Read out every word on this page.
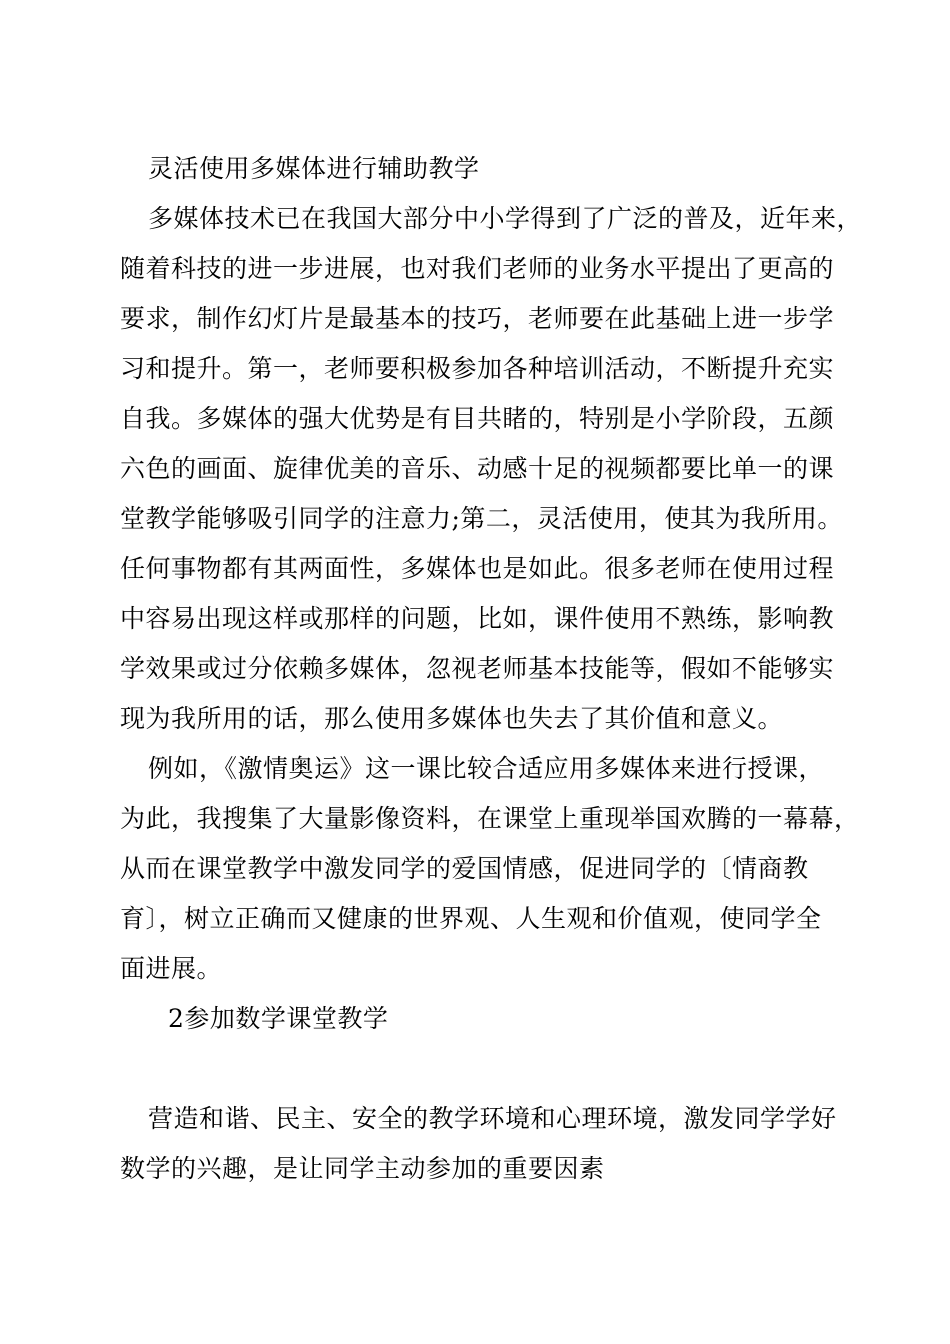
灵活使用多媒体进行辅助教学
多媒体技术已在我国大部分中小学得到了广泛的普及，近年来，
随着科技的进一步进展，也对我们老师的业务水平提出了更高的
要求，制作幻灯片是最基本的技巧，老师要在此基础上进一步学
习和提升。第一，老师要积极参加各种培训活动，不断提升充实
自我。多媒体的强大优势是有目共睹的，特别是小学阶段，五颜
六色的画面、旋律优美的音乐、动感十足的视频都要比单一的课
堂教学能够吸引同学的注意力;第二，灵活使用，使其为我所用。
任何事物都有其两面性，多媒体也是如此。很多老师在使用过程
中容易出现这样或那样的问题，比如，课件使用不熟练，影响教
学效果或过分依赖多媒体，忽视老师基本技能等，假如不能够实
现为我所用的话，那么使用多媒体也失去了其价值和意义。
例如，《激情奥运》这一课比较合适应用多媒体来进行授课，
为此，我搜集了大量影像资料，在课堂上重现举国欢腾的一幕幕，
从而在课堂教学中激发同学的爱国情感，促进同学的〔情商教
育〕，树立正确而又健康的世界观、人生观和价值观，使同学全
面进展。
2参加数学课堂教学
营造和谐、民主、安全的教学环境和心理环境，激发同学学好
数学的兴趣，是让同学主动参加的重要因素
